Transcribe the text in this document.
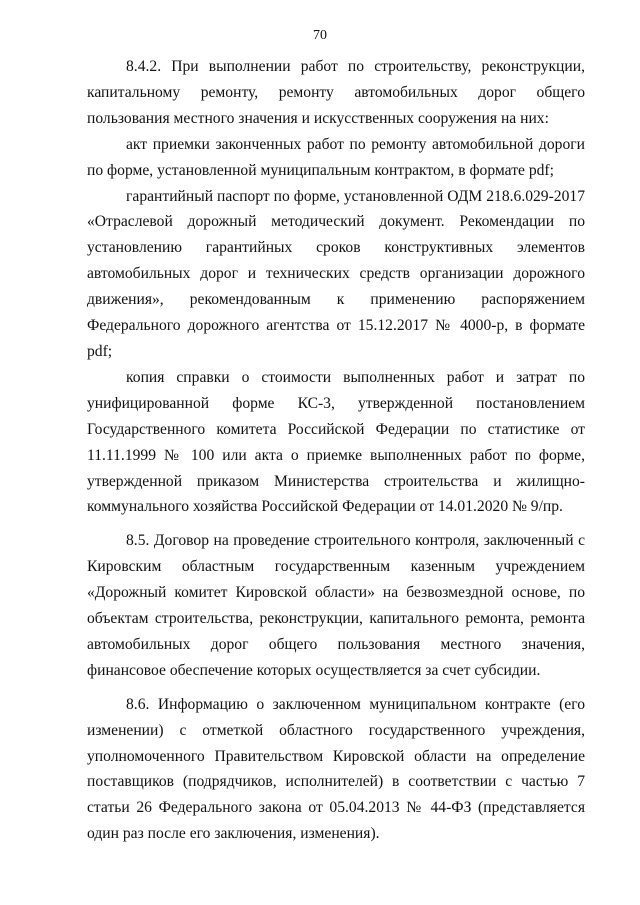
70

8.4.2. При выполнении работ по строительству, реконструкции, капитальному ремонту, ремонту автомобильных дорог общего пользования местного значения и искусственных сооружения на них:

акт приемки законченных работ по ремонту автомобильной дороги по форме, установленной муниципальным контрактом, в формате pdf;

гарантийный паспорт по форме, установленной ОДМ 218.6.029-2017 «Отраслевой дорожный методический документ. Рекомендации по установлению гарантийных сроков конструктивных элементов автомобильных дорог и технических средств организации дорожного движения», рекомендованным к применению распоряжением Федерального дорожного агентства от 15.12.2017 № 4000-р, в формате pdf;

копия справки о стоимости выполненных работ и затрат по унифицированной форме КС-3, утвержденной постановлением Государственного комитета Российской Федерации по статистике от 11.11.1999 № 100 или акта о приемке выполненных работ по форме, утвержденной приказом Министерства строительства и жилищно-коммунального хозяйства Российской Федерации от 14.01.2020 № 9/пр.

8.5. Договор на проведение строительного контроля, заключенный с Кировским областным государственным казенным учреждением «Дорожный комитет Кировской области» на безвозмездной основе, по объектам строительства, реконструкции, капитального ремонта, ремонта автомобильных дорог общего пользования местного значения, финансовое обеспечение которых осуществляется за счет субсидии.

8.6. Информацию о заключенном муниципальном контракте (его изменении) с отметкой областного государственного учреждения, уполномоченного Правительством Кировской области на определение поставщиков (подрядчиков, исполнителей) в соответствии с частью 7 статьи 26 Федерального закона от 05.04.2013 № 44-ФЗ (представляется один раз после его заключения, изменения).
